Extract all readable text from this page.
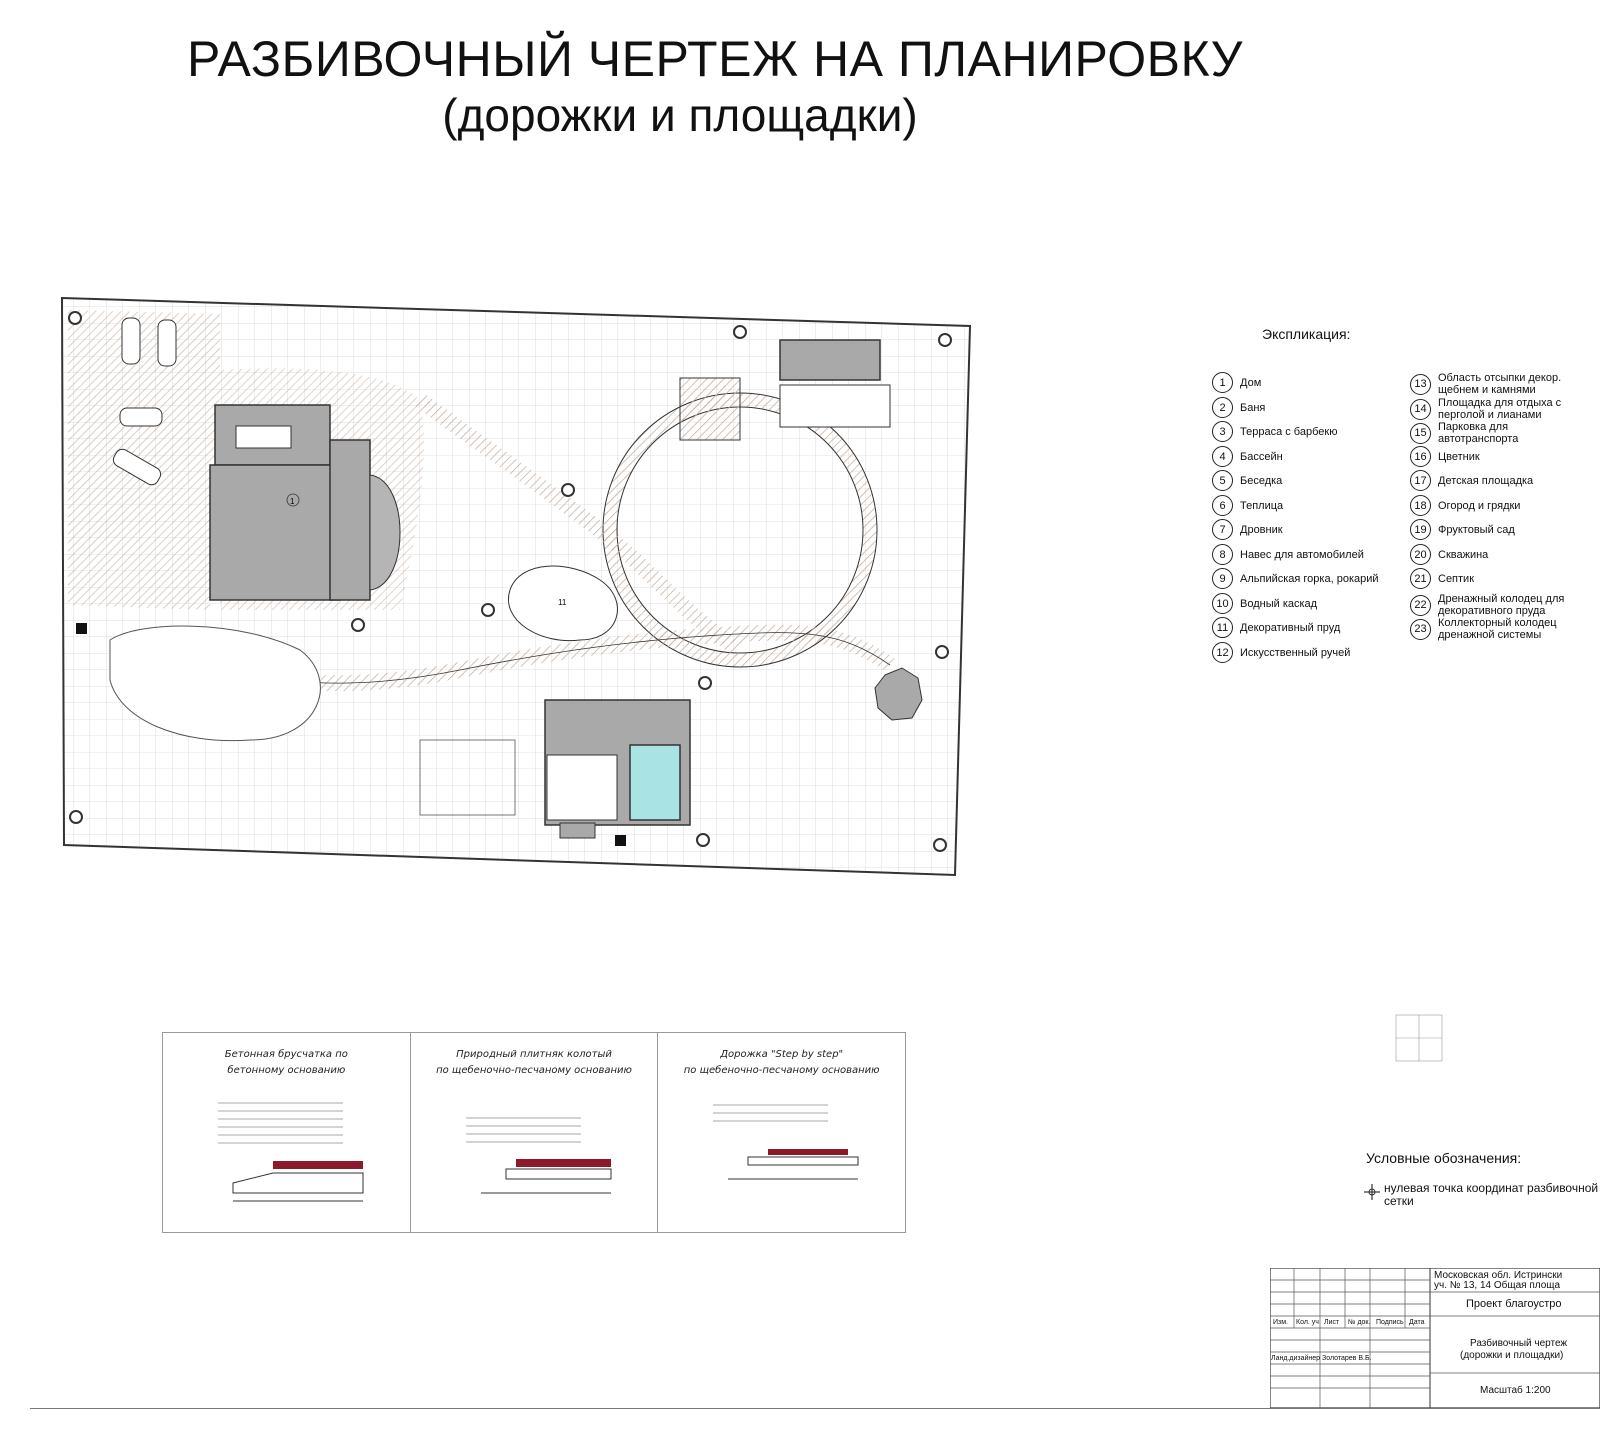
РАЗБИВОЧНЫЙ ЧЕРТЕЖ НА ПЛАНИРОВКУ
(дорожки и площадки)
1
11
Экспликация:
1	Дом
2	Баня
3	Терраса с барбекю
4	Бассейн
5	Беседка
6	Теплица
7	Дровник
8	Навес для автомобилей
9	Альпийская горка, рокарий
10	Водный каскад
11	Декоративный пруд
12	Искусственный ручей
13	Область отсыпки декор. щебнем и камнями
14	Площадка для отдыха с перголой и лианами
15	Парковка для автотранспорта
16	Цветник
17	Детская площадка
18	Огород и грядки
19	Фруктовый сад
20	Скважина
21	Септик
22	Дренажный колодец для декоративного пруда
23	Коллекторный колодец дренажной системы
Бетонная брусчатка по
бетонному основанию
Природный плитняк колотый
по щебеночно-песчаному основанию
Дорожка "Step by step"
по щебеночно-песчаному основанию
Условные обозначения:
нулевая точка координат разбивочной сетки
Московская обл. Истрински
уч. № 13, 14 Общая площа
Проект благоустро
Разбивочный чертеж
(дорожки и площадки)
Масштаб 1:200
Изм. Кол. уч Лист № док. Подпись Дата
Ланд.дизайнер Золотарев В.Б.
